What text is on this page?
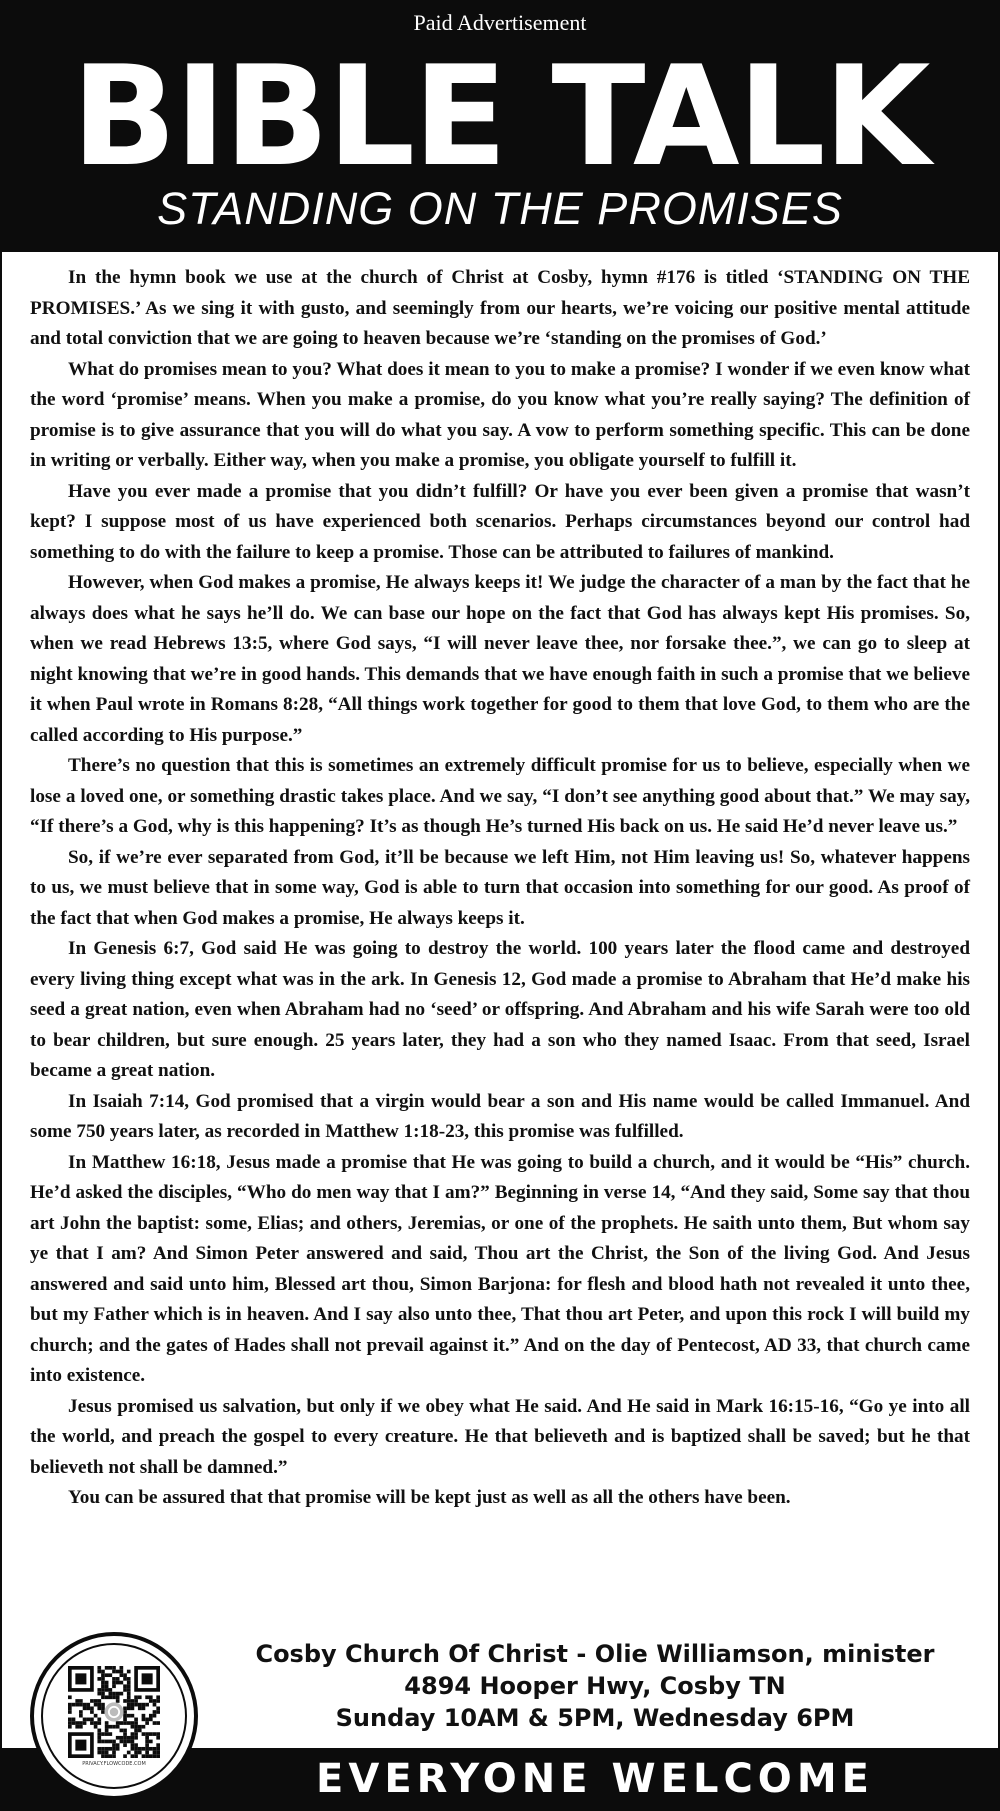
Paid Advertisement
BIBLE TALK
STANDING ON THE PROMISES

In the hymn book we use at the church of Christ at Cosby, hymn #176 is titled ‘STANDING ON THE PROMISES.’ As we sing it with gusto, and seemingly from our hearts, we’re voicing our positive mental attitude and total conviction that we are going to heaven because we’re ‘standing on the promises of God.’

What do promises mean to you? What does it mean to you to make a promise? I wonder if we even know what the word ‘promise’ means. When you make a promise, do you know what you’re really saying? The definition of promise is to give assurance that you will do what you say. A vow to perform something specific. This can be done in writing or verbally. Either way, when you make a promise, you obligate yourself to fulfill it.

Have you ever made a promise that you didn’t fulfill? Or have you ever been given a promise that wasn’t kept? I suppose most of us have experienced both scenarios. Perhaps circumstances beyond our control had something to do with the failure to keep a promise. Those can be attributed to failures of mankind.

However, when God makes a promise, He always keeps it! We judge the character of a man by the fact that he always does what he says he’ll do. We can base our hope on the fact that God has always kept His promises. So, when we read Hebrews 13:5, where God says, “I will never leave thee, nor forsake thee.”, we can go to sleep at night knowing that we’re in good hands. This demands that we have enough faith in such a promise that we believe it when Paul wrote in Romans 8:28, “All things work together for good to them that love God, to them who are the called according to His purpose.”

There’s no question that this is sometimes an extremely difficult promise for us to believe, especially when we lose a loved one, or something drastic takes place. And we say, “I don’t see anything good about that.” We may say, “If there’s a God, why is this happening? It’s as though He’s turned His back on us. He said He’d never leave us.”

So, if we’re ever separated from God, it’ll be because we left Him, not Him leaving us! So, whatever happens to us, we must believe that in some way, God is able to turn that occasion into something for our good. As proof of the fact that when God makes a promise, He always keeps it.

In Genesis 6:7, God said He was going to destroy the world. 100 years later the flood came and destroyed every living thing except what was in the ark. In Genesis 12, God made a promise to Abraham that He’d make his seed a great nation, even when Abraham had no ‘seed’ or offspring. And Abraham and his wife Sarah were too old to bear children, but sure enough. 25 years later, they had a son who they named Isaac. From that seed, Israel became a great nation.

In Isaiah 7:14, God promised that a virgin would bear a son and His name would be called Immanuel. And some 750 years later, as recorded in Matthew 1:18-23, this promise was fulfilled.

In Matthew 16:18, Jesus made a promise that He was going to build a church, and it would be “His” church. He’d asked the disciples, “Who do men way that I am?” Beginning in verse 14, “And they said, Some say that thou art John the baptist: some, Elias; and others, Jeremias, or one of the prophets. He saith unto them, But whom say ye that I am? And Simon Peter answered and said, Thou art the Christ, the Son of the living God. And Jesus answered and said unto him, Blessed art thou, Simon Barjona: for flesh and blood hath not revealed it unto thee, but my Father which is in heaven. And I say also unto thee, That thou art Peter, and upon this rock I will build my church; and the gates of Hades shall not prevail against it.” And on the day of Pentecost, AD 33, that church came into existence.

Jesus promised us salvation, but only if we obey what He said. And He said in Mark 16:15-16, “Go ye into all the world, and preach the gospel to every creature. He that believeth and is baptized shall be saved; but he that believeth not shall be damned.”

You can be assured that that promise will be kept just as well as all the others have been.

PRIVACY.FLOWCODE.COM
Cosby Church Of Christ - Olie Williamson, minister
4894 Hooper Hwy, Cosby TN
Sunday 10AM & 5PM, Wednesday 6PM
EVERYONE WELCOME
